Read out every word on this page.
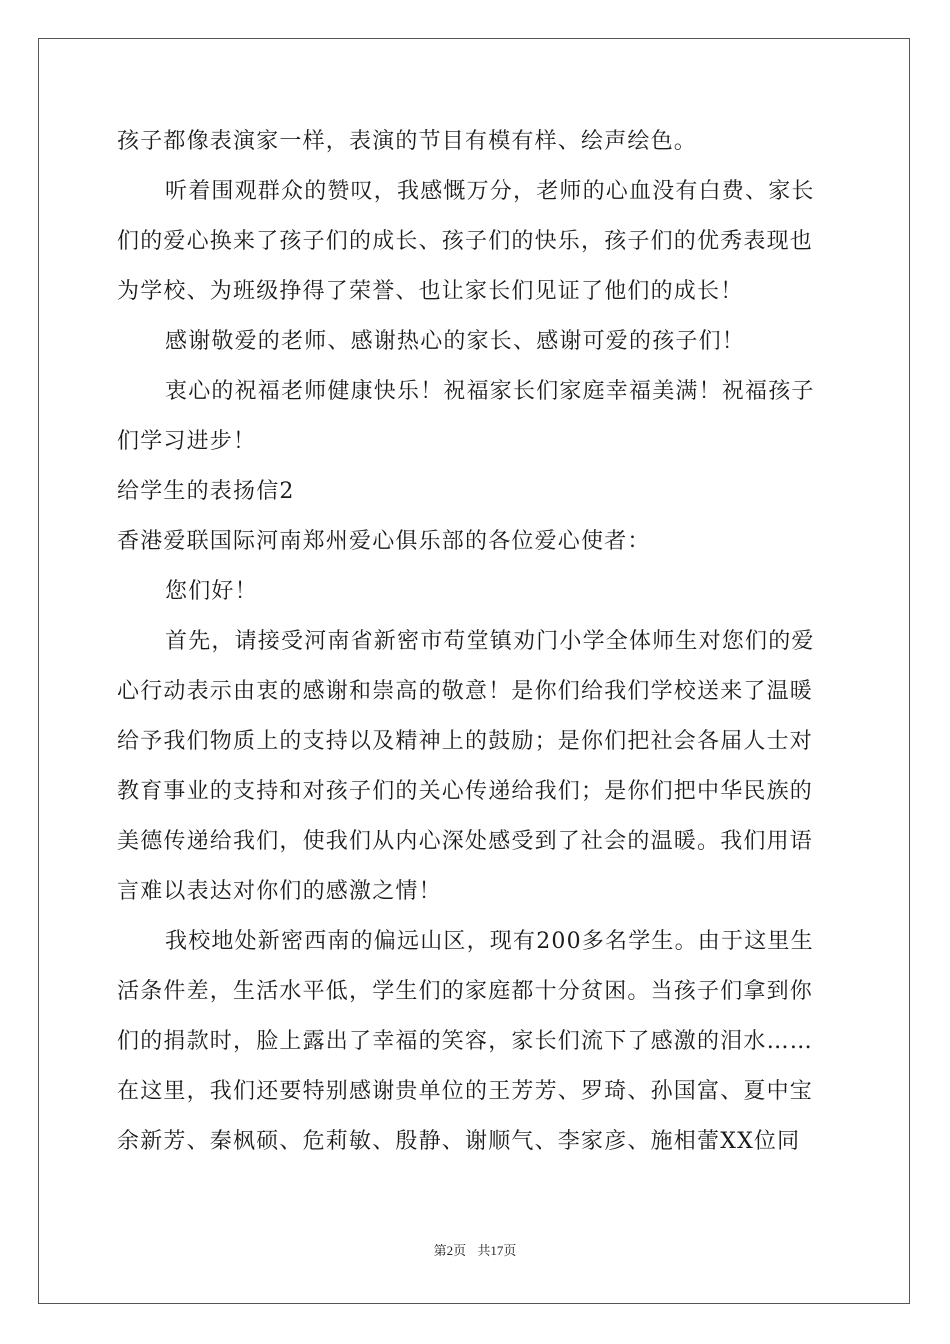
孩子都像表演家一样，表演的节目有模有样、绘声绘色。
听着围观群众的赞叹，我感慨万分，老师的心血没有白费、家长
们的爱心换来了孩子们的成长、孩子们的快乐，孩子们的优秀表现也
为学校、为班级挣得了荣誉、也让家长们见证了他们的成长！
感谢敬爱的老师、感谢热心的家长、感谢可爱的孩子们！
衷心的祝福老师健康快乐！祝福家长们家庭幸福美满！祝福孩子
们学习进步！
给学生的表扬信2
香港爱联国际河南郑州爱心俱乐部的各位爱心使者：
您们好！
首先，请接受河南省新密市苟堂镇劝门小学全体师生对您们的爱
心行动表示由衷的感谢和崇高的敬意！是你们给我们学校送来了温暖
给予我们物质上的支持以及精神上的鼓励；是你们把社会各届人士对
教育事业的支持和对孩子们的关心传递给我们；是你们把中华民族的
美德传递给我们，使我们从内心深处感受到了社会的温暖。我们用语
言难以表达对你们的感激之情！
我校地处新密西南的偏远山区，现有200多名学生。由于这里生
活条件差，生活水平低，学生们的家庭都十分贫困。当孩子们拿到你
们的捐款时，脸上露出了幸福的笑容，家长们流下了感激的泪水……
在这里，我们还要特别感谢贵单位的王芳芳、罗琦、孙国富、夏中宝
余新芳、秦枫硕、危莉敏、殷静、谢顺气、李家彦、施相蕾XX位同
第2页 共17页
